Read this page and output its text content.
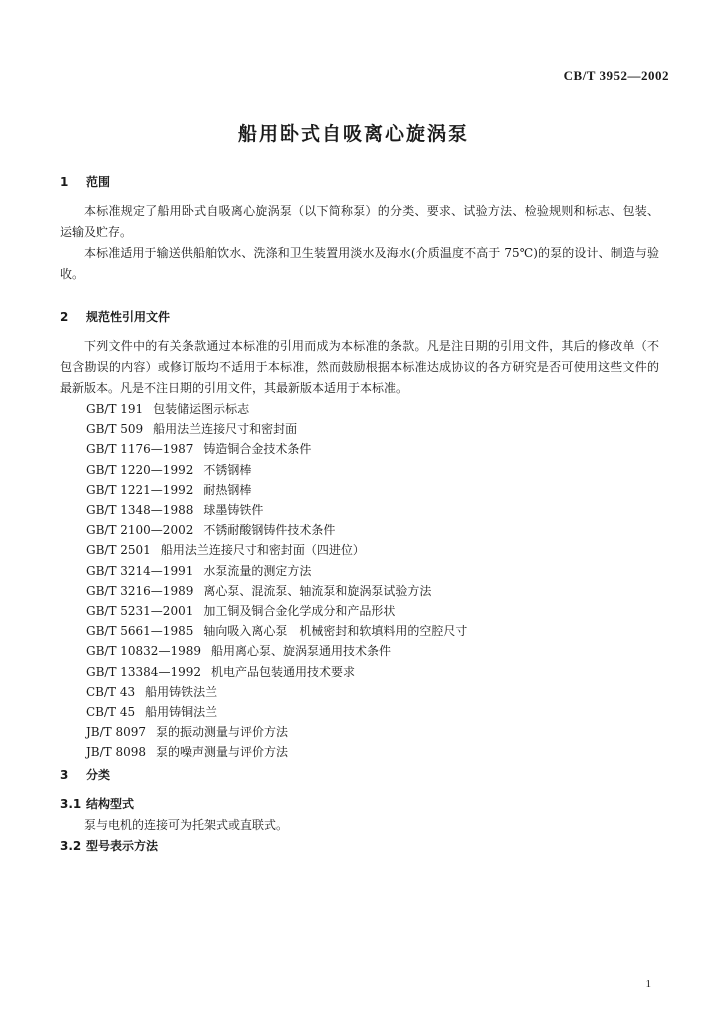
CB/T 3952—2002
船用卧式自吸离心旋涡泵

1 范围

本标准规定了船用卧式自吸离心旋涡泵（以下简称泵）的分类、要求、试验方法、检验规则和标志、包装、运输及贮存。

本标准适用于输送供船舶饮水、洗涤和卫生装置用淡水及海水(介质温度不高于 75℃)的泵的设计、制造与验收。

2 规范性引用文件

下列文件中的有关条款通过本标准的引用而成为本标准的条款。凡是注日期的引用文件，其后的修改单（不包含勘误的内容）或修订版均不适用于本标准，然而鼓励根据本标准达成协议的各方研究是否可使用这些文件的最新版本。凡是不注日期的引用文件，其最新版本适用于本标准。

GB/T 191 包装储运图示标志
GB/T 509 船用法兰连接尺寸和密封面
GB/T 1176—1987 铸造铜合金技术条件
GB/T 1220—1992 不锈钢棒
GB/T 1221—1992 耐热钢棒
GB/T 1348—1988 球墨铸铁件
GB/T 2100—2002 不锈耐酸钢铸件技术条件
GB/T 2501 船用法兰连接尺寸和密封面（四进位）
GB/T 3214—1991 水泵流量的测定方法
GB/T 3216—1989 离心泵、混流泵、轴流泵和旋涡泵试验方法
GB/T 5231—2001 加工铜及铜合金化学成分和产品形状
GB/T 5661—1985 轴向吸入离心泵　机械密封和软填料用的空腔尺寸
GB/T 10832—1989 船用离心泵、旋涡泵通用技术条件
GB/T 13384—1992 机电产品包装通用技术要求
CB/T 43 船用铸铁法兰
CB/T 45 船用铸铜法兰
JB/T 8097 泵的振动测量与评价方法
JB/T 8098 泵的噪声测量与评价方法

3 分类

3.1 结构型式

泵与电机的连接可为托架式或直联式。

3.2 型号表示方法

1
